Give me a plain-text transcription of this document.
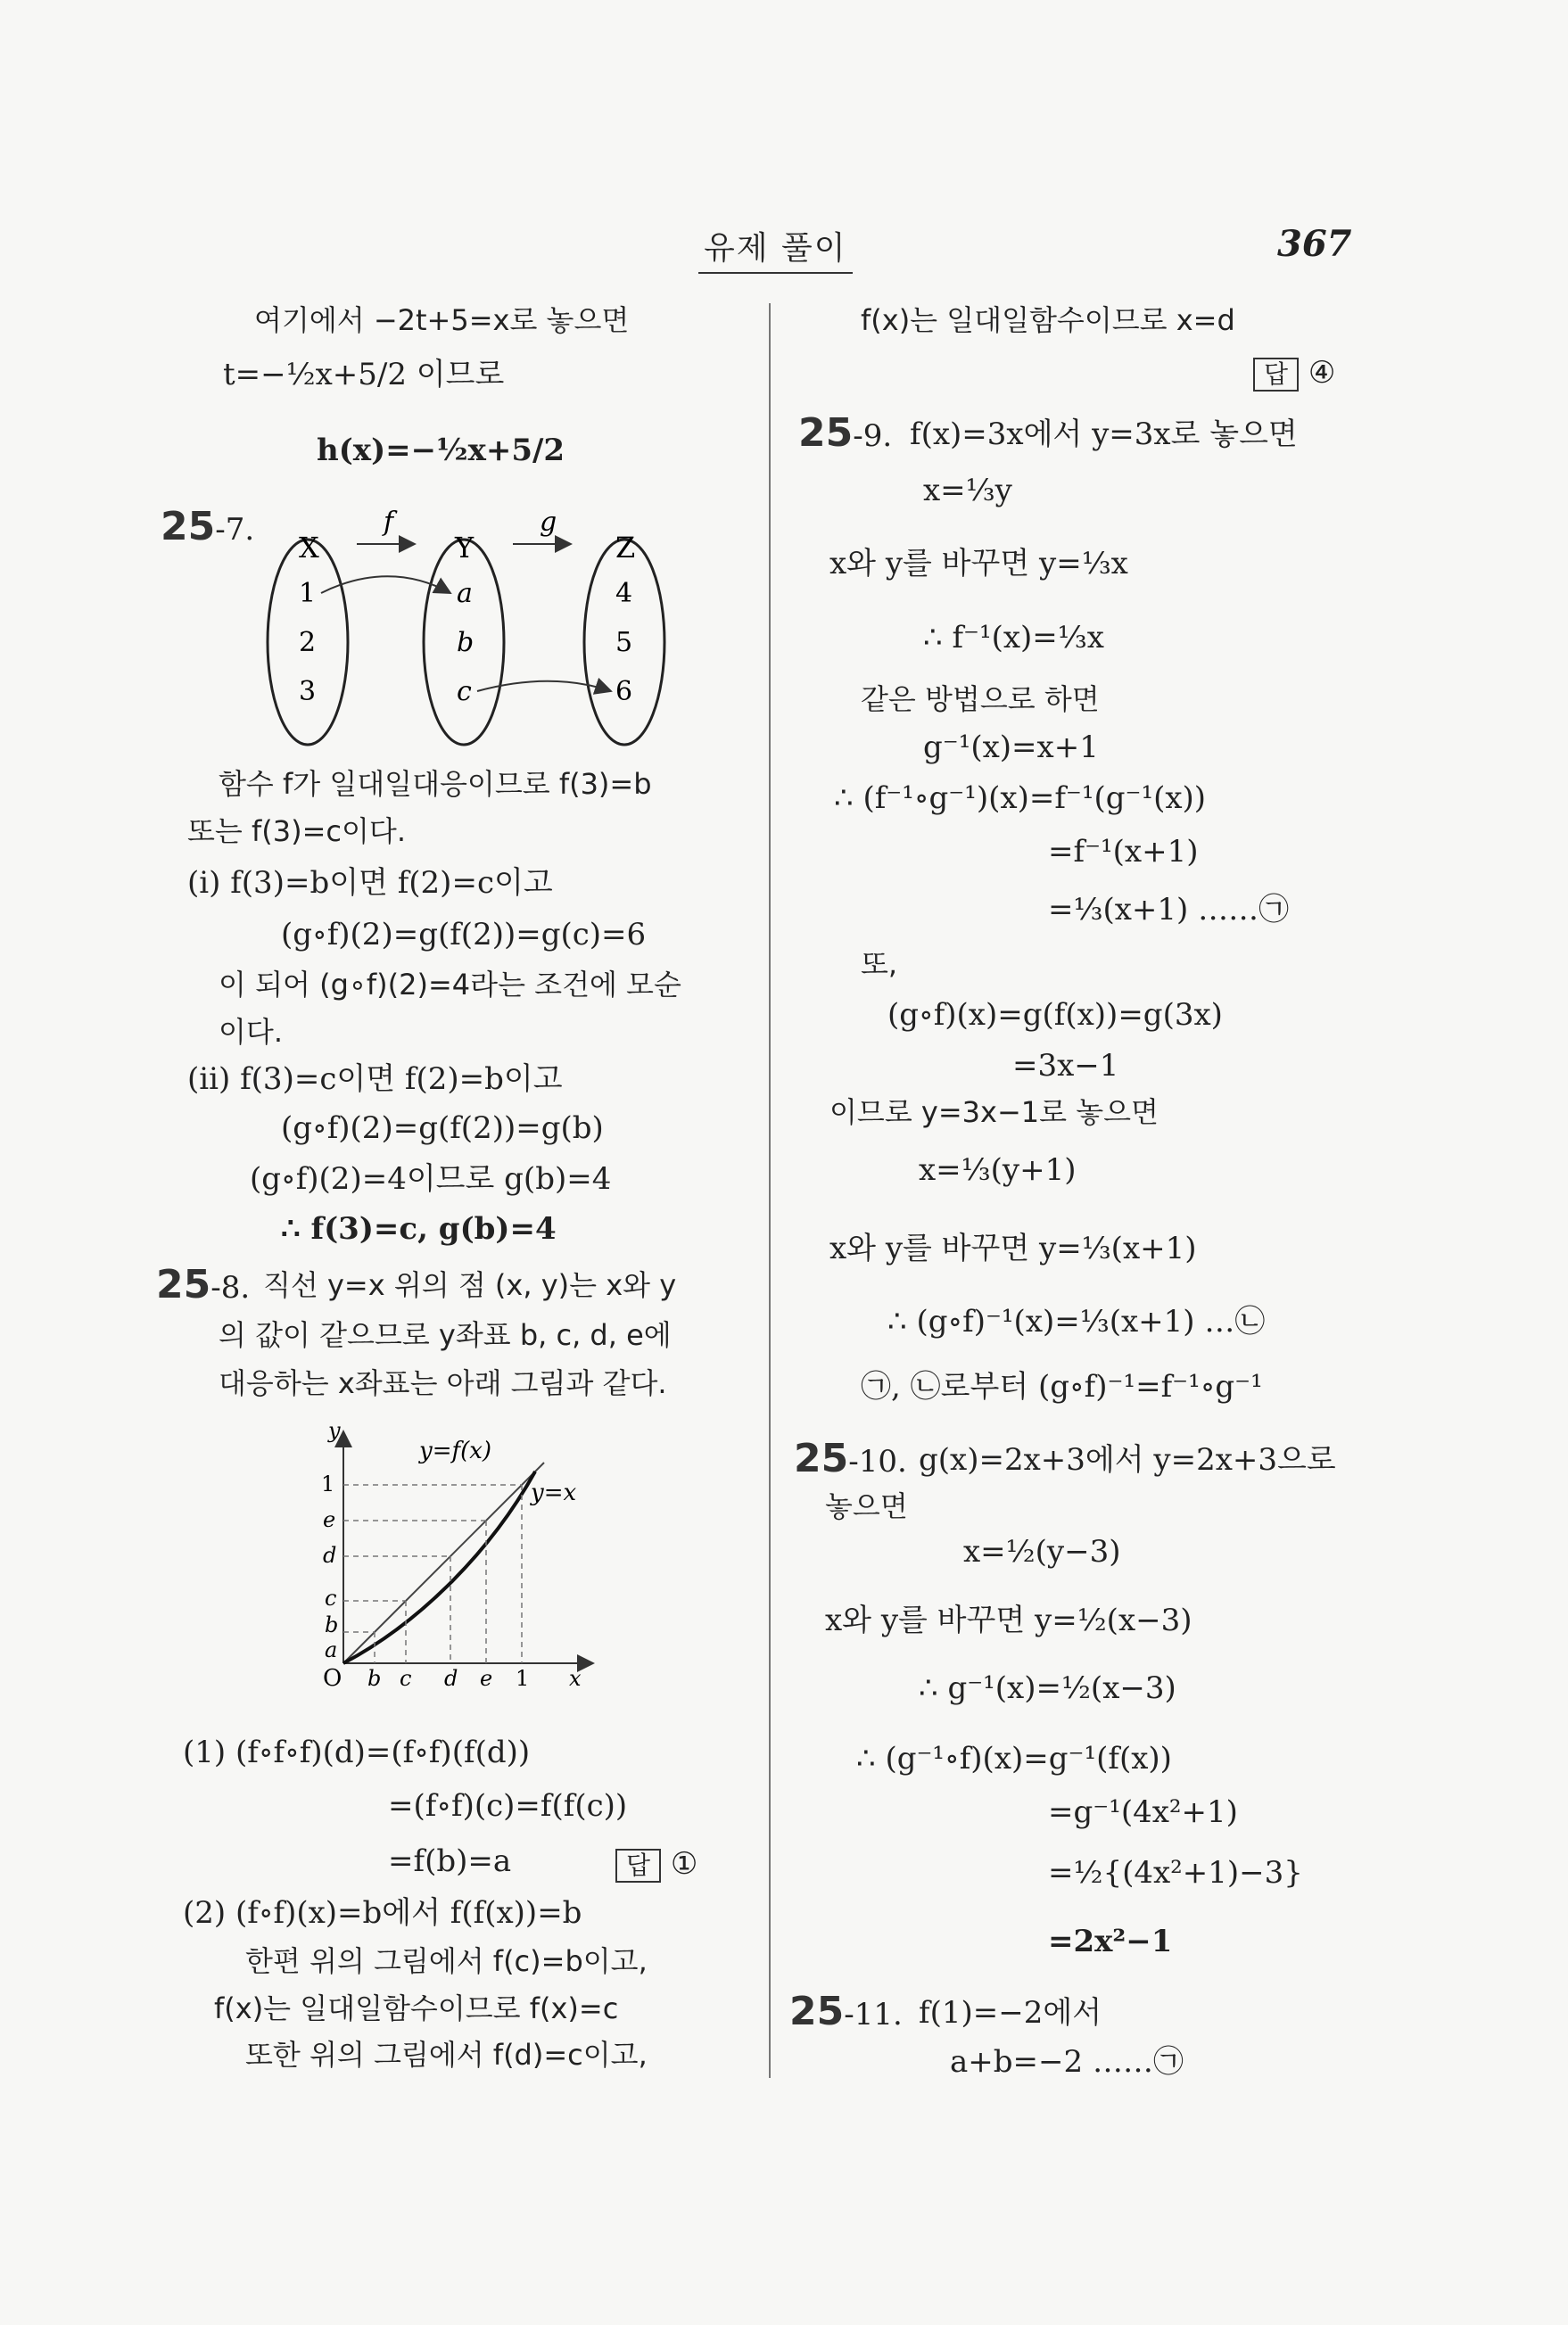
유제 풀이	367
여기에서 −2t+5=x로 놓으면
t=−½x+5/2 이므로
h(x)=−½x+5/2
25-7. X	Y	Z
f	g
1
2
3
a
b
c
4
5
6
함수 f가 일대일대응이므로 f(3)=b
또는 f(3)=c이다.
(i) f(3)=b이면 f(2)=c이고
(g∘f)(2)=g(f(2))=g(c)=6
이 되어 (g∘f)(2)=4라는 조건에 모순
이다.
(ii) f(3)=c이면 f(2)=b이고
(g∘f)(2)=g(f(2))=g(b)
(g∘f)(2)=4이므로 g(b)=4
∴ f(3)=c, g(b)=4
25-8. 직선 y=x 위의 점 (x, y)는 x와 y
의 값이 같으므로 y좌표 b, c, d, e에
대응하는 x좌표는 아래 그림과 같다.
y
x
O
y=f(x)
y=x
1
e
d
c
b
a
b c d e 1
(1) (f∘f∘f)(d)=(f∘f)(f(d))
=(f∘f)(c)=f(f(c))
=f(b)=a	답 ①
(2) (f∘f)(x)=b에서 f(f(x))=b
한편 위의 그림에서 f(c)=b이고,
f(x)는 일대일함수이므로 f(x)=c
또한 위의 그림에서 f(d)=c이고,
f(x)는 일대일함수이므로 x=d
답 ④
25-9. f(x)=3x에서 y=3x로 놓으면
x=⅓y
x와 y를 바꾸면 y=⅓x
∴ f⁻¹(x)=⅓x
같은 방법으로 하면
g⁻¹(x)=x+1
∴ (f⁻¹∘g⁻¹)(x)=f⁻¹(g⁻¹(x))
=f⁻¹(x+1)
=⅓(x+1) ……㉠
또,
(g∘f)(x)=g(f(x))=g(3x)
=3x−1
이므로 y=3x−1로 놓으면
x=⅓(y+1)
x와 y를 바꾸면 y=⅓(x+1)
∴ (g∘f)⁻¹(x)=⅓(x+1) …㉡
㉠, ㉡로부터 (g∘f)⁻¹=f⁻¹∘g⁻¹
25-10. g(x)=2x+3에서 y=2x+3으로
놓으면
x=½(y−3)
x와 y를 바꾸면 y=½(x−3)
∴ g⁻¹(x)=½(x−3)
∴ (g⁻¹∘f)(x)=g⁻¹(f(x))
=g⁻¹(4x²+1)
=½{(4x²+1)−3}
=2x²−1
25-11. f(1)=−2에서
a+b=−2 ……㉠
